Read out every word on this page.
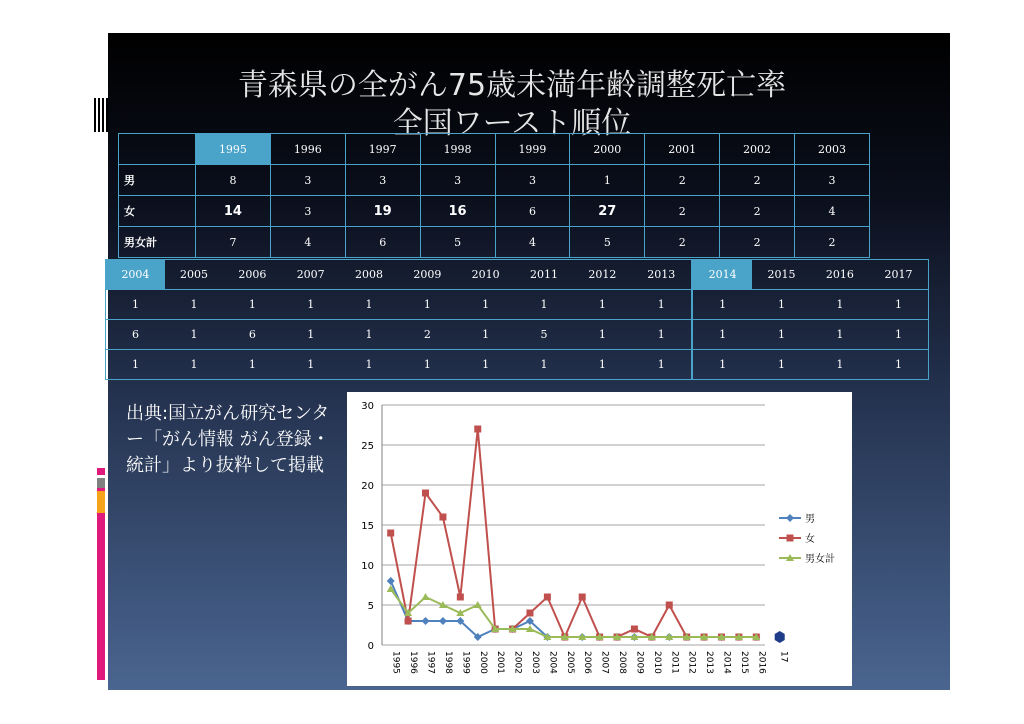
青森県の全がん75歳未満年齢調整死亡率
全国ワースト順位
	1995	1996	1997	1998	1999	2000	2001	2002	2003
男	8	3	3	3	3	1	2	2	3
女	14	3	19	16	6	27	2	2	4
男女計	7	4	6	5	4	5	2	2	2
2004	2005	2006	2007	2008	2009	2010	2011	2012	2013	2014	2015	2016	2017
1	1	1	1	1	1	1	1	1	1	1	1	1	1
6	1	6	1	1	2	1	5	1	1	1	1	1	1
1	1	1	1	1	1	1	1	1	1	1	1	1	1
出典:国立がん研究センター「がん情報 がん登録・統計」より抜粋して掲載
0
5
10
15
20
25
30
1995 1996 1997 1998 1999 2000 2001 2002 2003 2004 2005 2006 2007 2008 2009 2010 2011 2012 2013 2014 2015 2016 17
男
女
男女計
